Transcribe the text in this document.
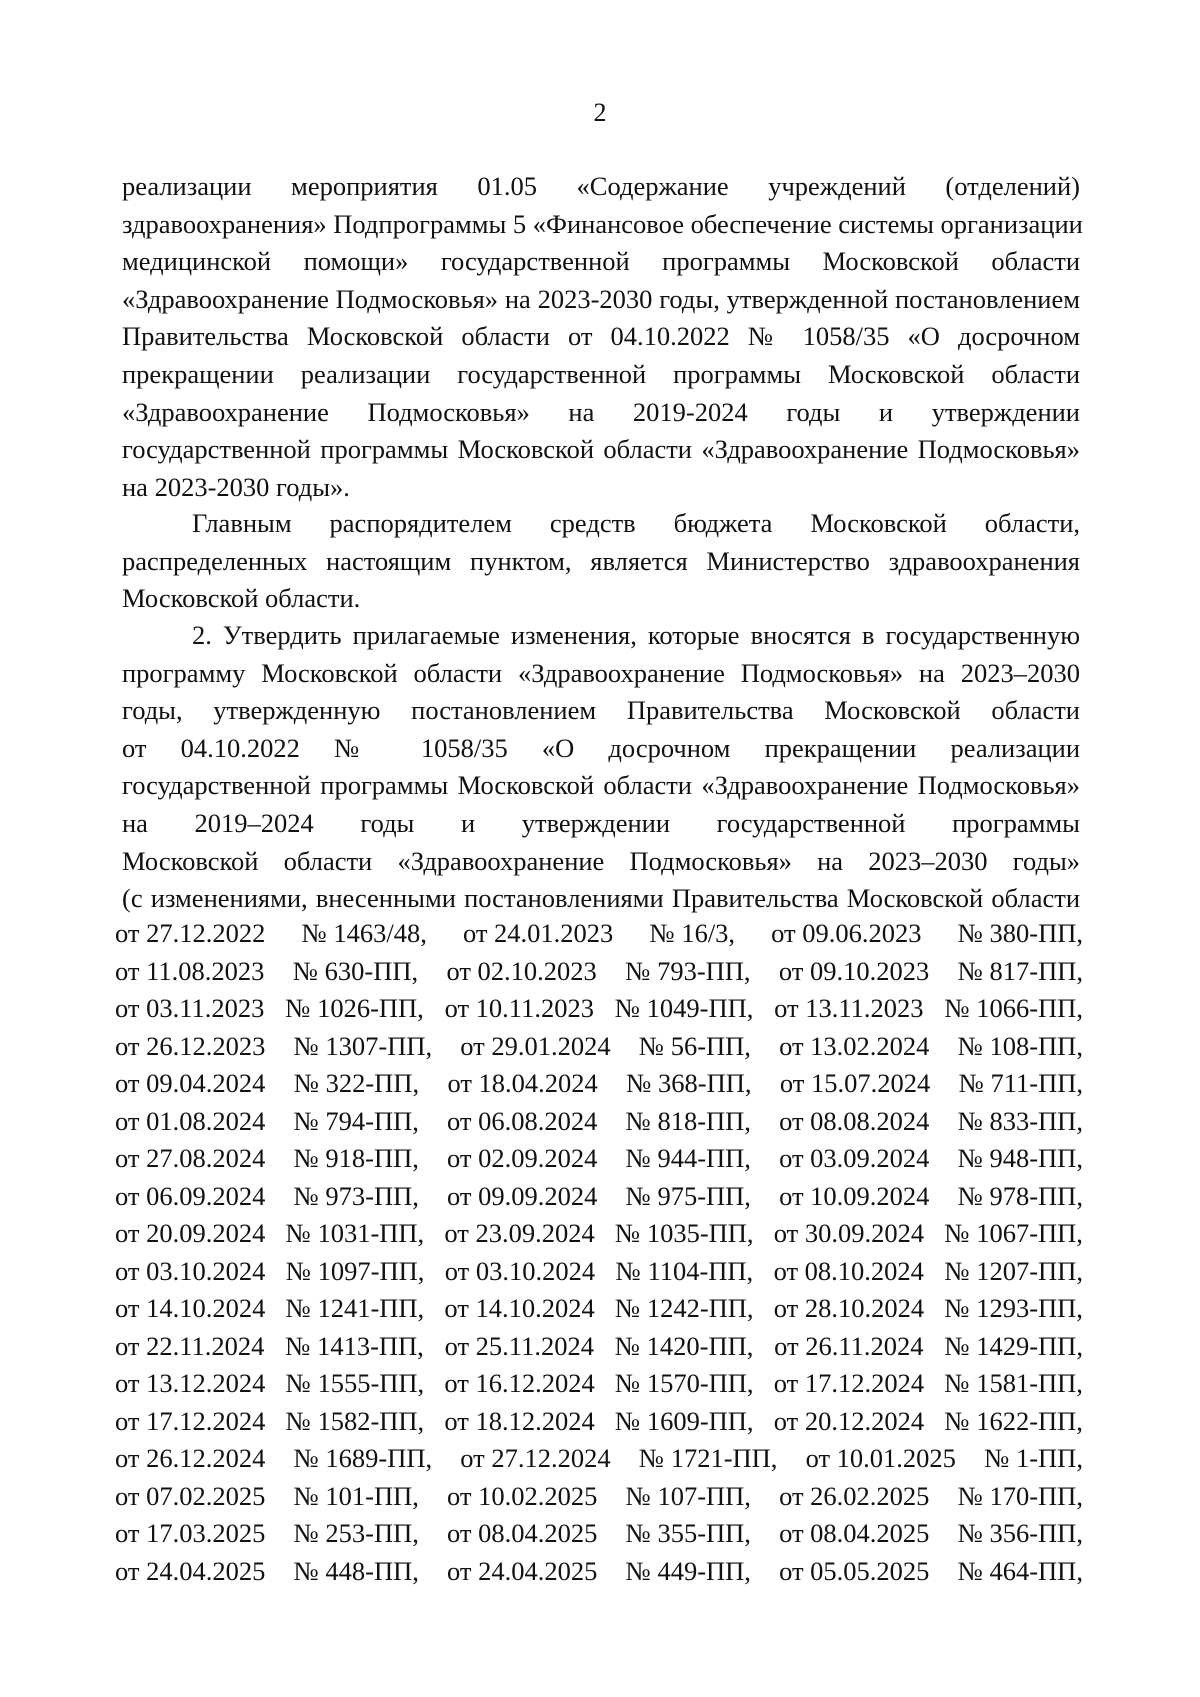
2
реализации мероприятия 01.05 «Содержание учреждений (отделений)
здравоохранения» Подпрограммы 5 «Финансовое обеспечение системы организации
медицинской помощи» государственной программы Московской области
«Здравоохранение Подмосковья» на 2023-2030 годы, утвержденной постановлением
Правительства Московской области от 04.10.2022 № 1058/35 «О досрочном
прекращении реализации государственной программы Московской области
«Здравоохранение Подмосковья» на 2019-2024 годы и утверждении
государственной программы Московской области «Здравоохранение Подмосковья»
на 2023-2030 годы».
Главным распорядителем средств бюджета Московской области,
распределенных настоящим пунктом, является Министерство здравоохранения
Московской области.
2. Утвердить прилагаемые изменения, которые вносятся в государственную
программу Московской области «Здравоохранение Подмосковья» на 2023–2030
годы, утвержденную постановлением Правительства Московской области
от 04.10.2022 № 1058/35 «О досрочном прекращении реализации
государственной программы Московской области «Здравоохранение Подмосковья»
на 2019–2024 годы и утверждении государственной программы
Московской области «Здравоохранение Подмосковья» на 2023–2030 годы»
(с изменениями, внесенными постановлениями Правительства Московской области
от 27.12.2022 № 1463/48, от 24.01.2023 № 16/3, от 09.06.2023 № 380-ПП,
от 11.08.2023 № 630-ПП, от 02.10.2023 № 793-ПП, от 09.10.2023 № 817-ПП,
от 03.11.2023 № 1026-ПП, от 10.11.2023 № 1049-ПП, от 13.11.2023 № 1066-ПП,
от 26.12.2023 № 1307-ПП, от 29.01.2024 № 56-ПП, от 13.02.2024 № 108-ПП,
от 09.04.2024 № 322-ПП, от 18.04.2024 № 368-ПП, от 15.07.2024 № 711-ПП,
от 01.08.2024 № 794-ПП, от 06.08.2024 № 818-ПП, от 08.08.2024 № 833-ПП,
от 27.08.2024 № 918-ПП, от 02.09.2024 № 944-ПП, от 03.09.2024 № 948-ПП,
от 06.09.2024 № 973-ПП, от 09.09.2024 № 975-ПП, от 10.09.2024 № 978-ПП,
от 20.09.2024 № 1031-ПП, от 23.09.2024 № 1035-ПП, от 30.09.2024 № 1067-ПП,
от 03.10.2024 № 1097-ПП, от 03.10.2024 № 1104-ПП, от 08.10.2024 № 1207-ПП,
от 14.10.2024 № 1241-ПП, от 14.10.2024 № 1242-ПП, от 28.10.2024 № 1293-ПП,
от 22.11.2024 № 1413-ПП, от 25.11.2024 № 1420-ПП, от 26.11.2024 № 1429-ПП,
от 13.12.2024 № 1555-ПП, от 16.12.2024 № 1570-ПП, от 17.12.2024 № 1581-ПП,
от 17.12.2024 № 1582-ПП, от 18.12.2024 № 1609-ПП, от 20.12.2024 № 1622-ПП,
от 26.12.2024 № 1689-ПП, от 27.12.2024 № 1721-ПП, от 10.01.2025 № 1-ПП,
от 07.02.2025 № 101-ПП, от 10.02.2025 № 107-ПП, от 26.02.2025 № 170-ПП,
от 17.03.2025 № 253-ПП, от 08.04.2025 № 355-ПП, от 08.04.2025 № 356-ПП,
от 24.04.2025 № 448-ПП, от 24.04.2025 № 449-ПП, от 05.05.2025 № 464-ПП,
